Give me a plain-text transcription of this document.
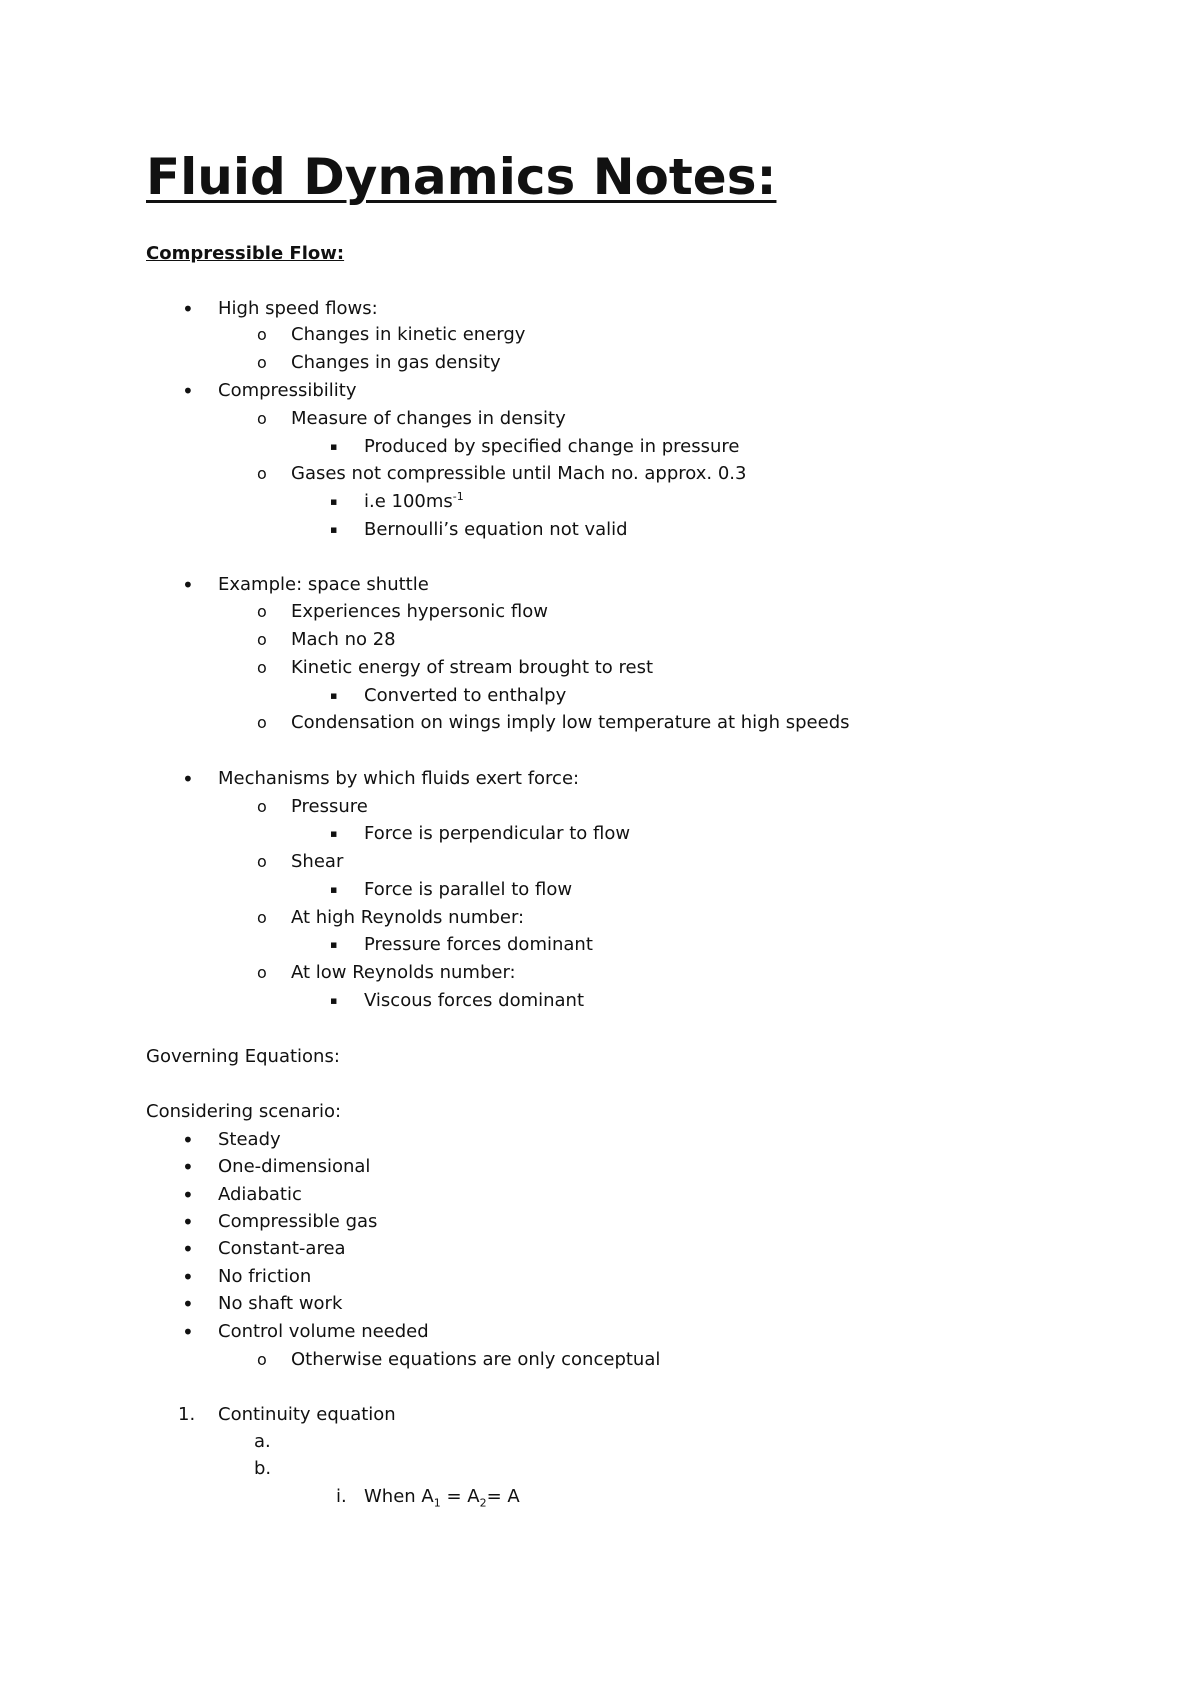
Fluid Dynamics Notes:
Compressible Flow:
• High speed flows:
o Changes in kinetic energy
o Changes in gas density
• Compressibility
o Measure of changes in density
▪ Produced by specified change in pressure
o Gases not compressible until Mach no. approx. 0.3
▪ i.e $100ms^{-1}$
▪ Bernoulli’s equation not valid
• Example: space shuttle
o Experiences hypersonic flow
o Mach no 28
o Kinetic energy of stream brought to rest
▪ Converted to enthalpy
o Condensation on wings imply low temperature at high speeds
• Mechanisms by which fluids exert force:
o Pressure
▪ Force is perpendicular to flow
o Shear
▪ Force is parallel to flow
o At high Reynolds number:
▪ Pressure forces dominant
o At low Reynolds number:
▪ Viscous forces dominant
Governing Equations:
Considering scenario:
• Steady
• One-dimensional
• Adiabatic
• Compressible gas
• Constant-area
• No friction
• No shaft work
• Control volume needed
o Otherwise equations are only conceptual
1. Continuity equation
a.
b.
i. When $A_1 = A_2= A$
